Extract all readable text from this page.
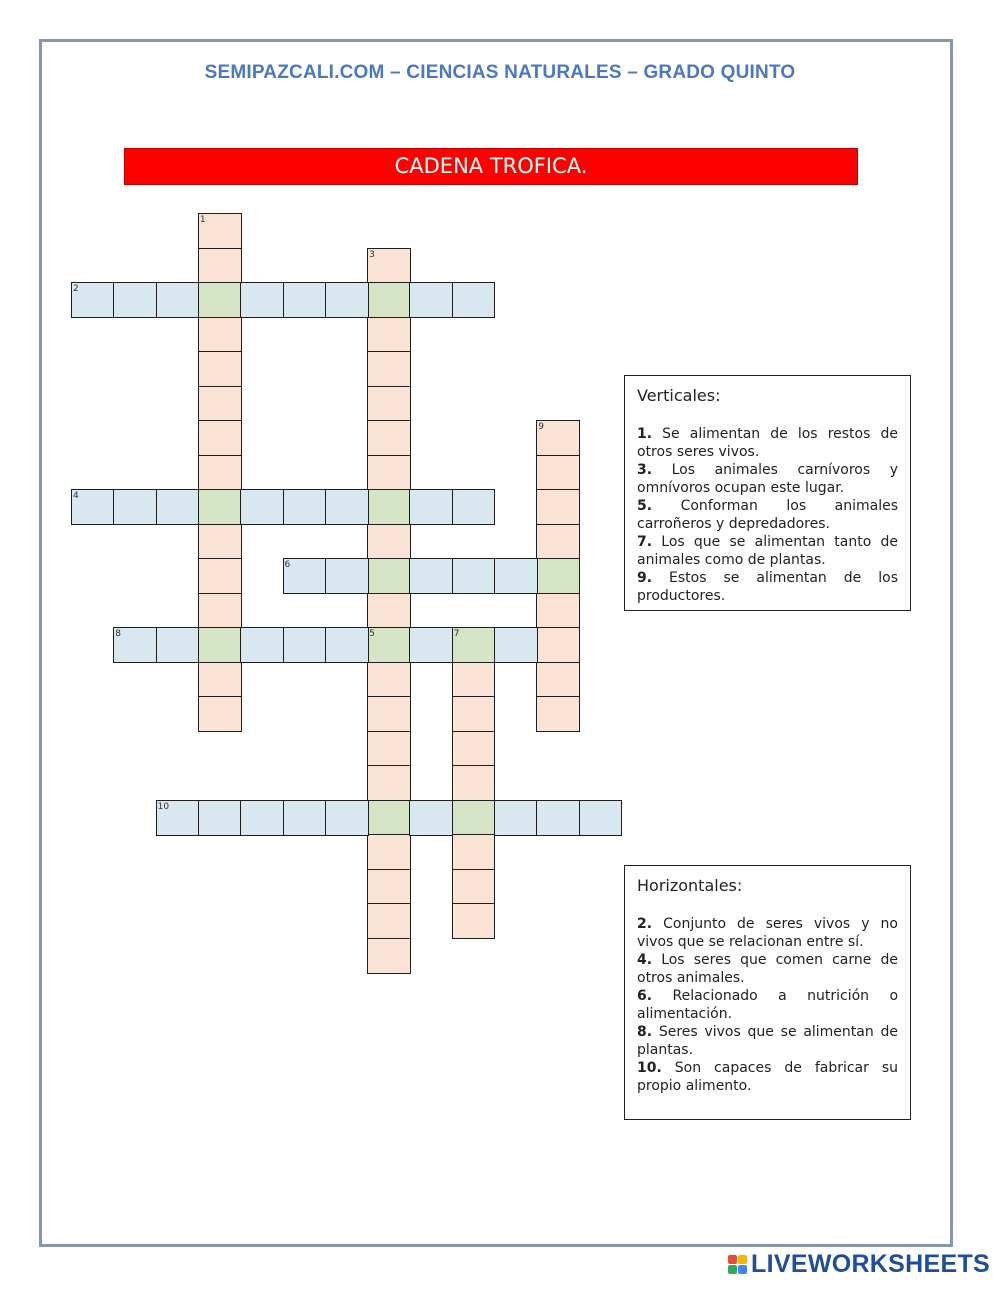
SEMIPAZCALI.COM – CIENCIAS NATURALES – GRADO QUINTO
CADENA TROFICA.
1
3
5
9
7
2
4
6
8
10
Verticales:
1. Se alimentan de los restos de otros seres vivos.
3. Los animales carnívoros y omnívoros ocupan este lugar.
5. Conforman los animales carroñeros y depredadores.
7. Los que se alimentan tanto de animales como de plantas.
9. Estos se alimentan de los productores.
Horizontales:
2. Conjunto de seres vivos y no vivos que se relacionan entre sí.
4. Los seres que comen carne de otros animales.
6. Relacionado a nutrición o alimentación.
8. Seres vivos que se alimentan de plantas.
10. Son capaces de fabricar su propio alimento.
LIVEWORKSHEETS
